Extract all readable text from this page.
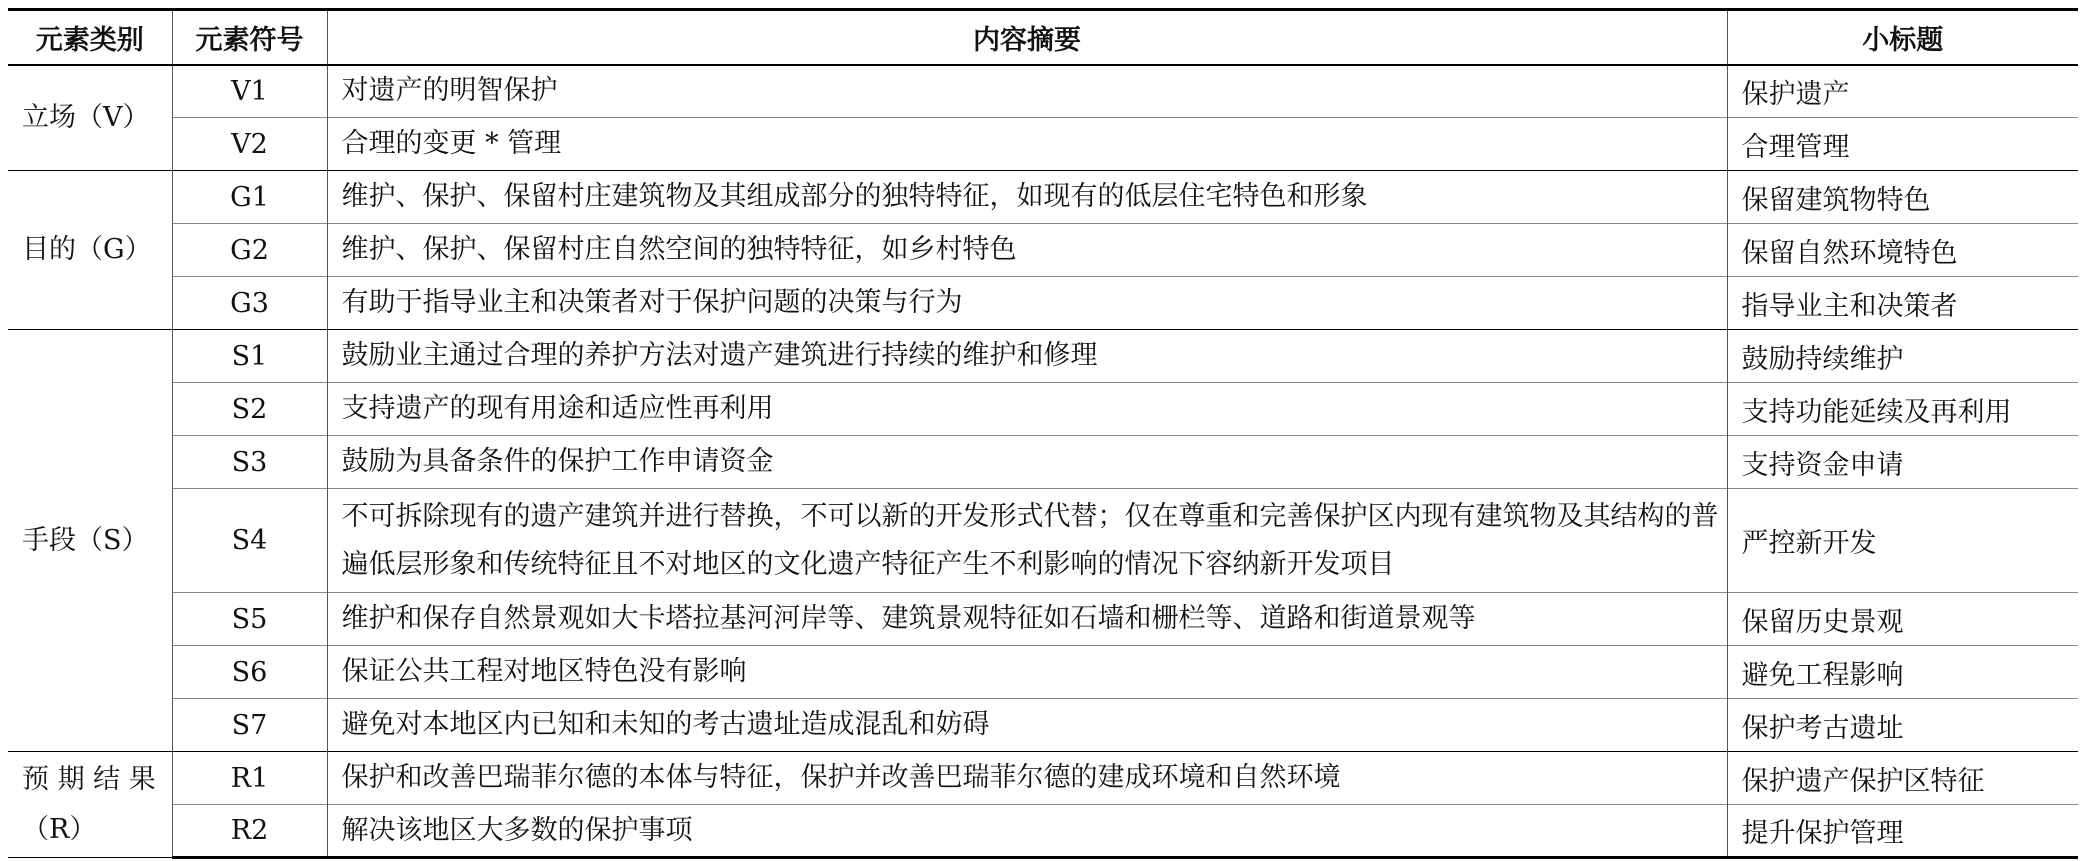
元素类别	元素符号	内容摘要	小标题
立场（V）	V1	对遗产的明智保护	保护遗产
	V2	合理的变更 * 管理	合理管理
目的（G）	G1	维护、保护、保留村庄建筑物及其组成部分的独特特征，如现有的低层住宅特色和形象	保留建筑物特色
	G2	维护、保护、保留村庄自然空间的独特特征，如乡村特色	保留自然环境特色
	G3	有助于指导业主和决策者对于保护问题的决策与行为	指导业主和决策者
手段（S）	S1	鼓励业主通过合理的养护方法对遗产建筑进行持续的维护和修理	鼓励持续维护
	S2	支持遗产的现有用途和适应性再利用	支持功能延续及再利用
	S3	鼓励为具备条件的保护工作申请资金	支持资金申请
	S4	不可拆除现有的遗产建筑并进行替换，不可以新的开发形式代替；仅在尊重和完善保护区内现有建筑物及其结构的普遍低层形象和传统特征且不对地区的文化遗产特征产生不利影响的情况下容纳新开发项目	严控新开发
	S5	维护和保存自然景观如大卡塔拉基河河岸等、建筑景观特征如石墙和栅栏等、道路和街道景观等	保留历史景观
	S6	保证公共工程对地区特色没有影响	避免工程影响
	S7	避免对本地区内已知和未知的考古遗址造成混乱和妨碍	保护考古遗址
预 期 结 果（R）	R1	保护和改善巴瑞菲尔德的本体与特征，保护并改善巴瑞菲尔德的建成环境和自然环境	保护遗产保护区特征
	R2	解决该地区大多数的保护事项	提升保护管理
